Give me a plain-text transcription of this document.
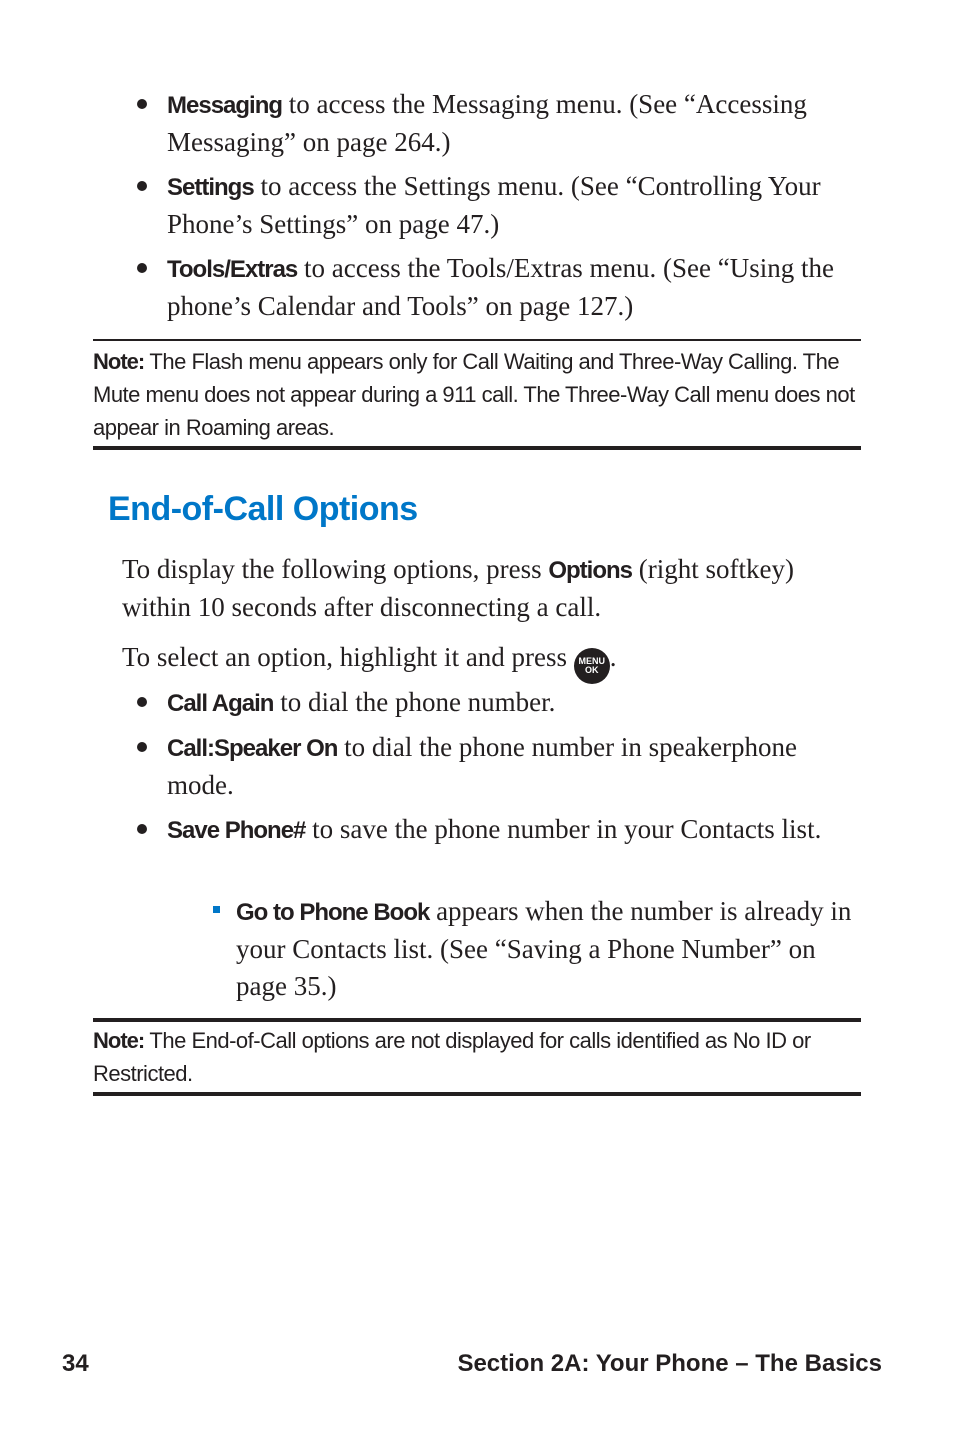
Messaging to access the Messaging menu. (See “Accessing Messaging” on page 264.)
Settings to access the Settings menu. (See “Controlling Your Phone’s Settings” on page 47.)
Tools/Extras to access the Tools/Extras menu. (See “Using the phone’s Calendar and Tools” on page 127.)
Note: The Flash menu appears only for Call Waiting and Three-Way Calling. The Mute menu does not appear during a 911 call. The Three-Way Call menu does not appear in Roaming areas.
End-of-Call Options
To display the following options, press Options (right softkey) within 10 seconds after disconnecting a call.
To select an option, highlight it and press MENU
OK .
Call Again to dial the phone number.
Call:Speaker On to dial the phone number in speakerphone mode.
Save Phone# to save the phone number in your Contacts list.
Go to Phone Book appears when the number is already in your Contacts list. (See “Saving a Phone Number” on page 35.)
Note: The End-of-Call options are not displayed for calls identified as No ID or Restricted.
34	Section 2A: Your Phone – The Basics
